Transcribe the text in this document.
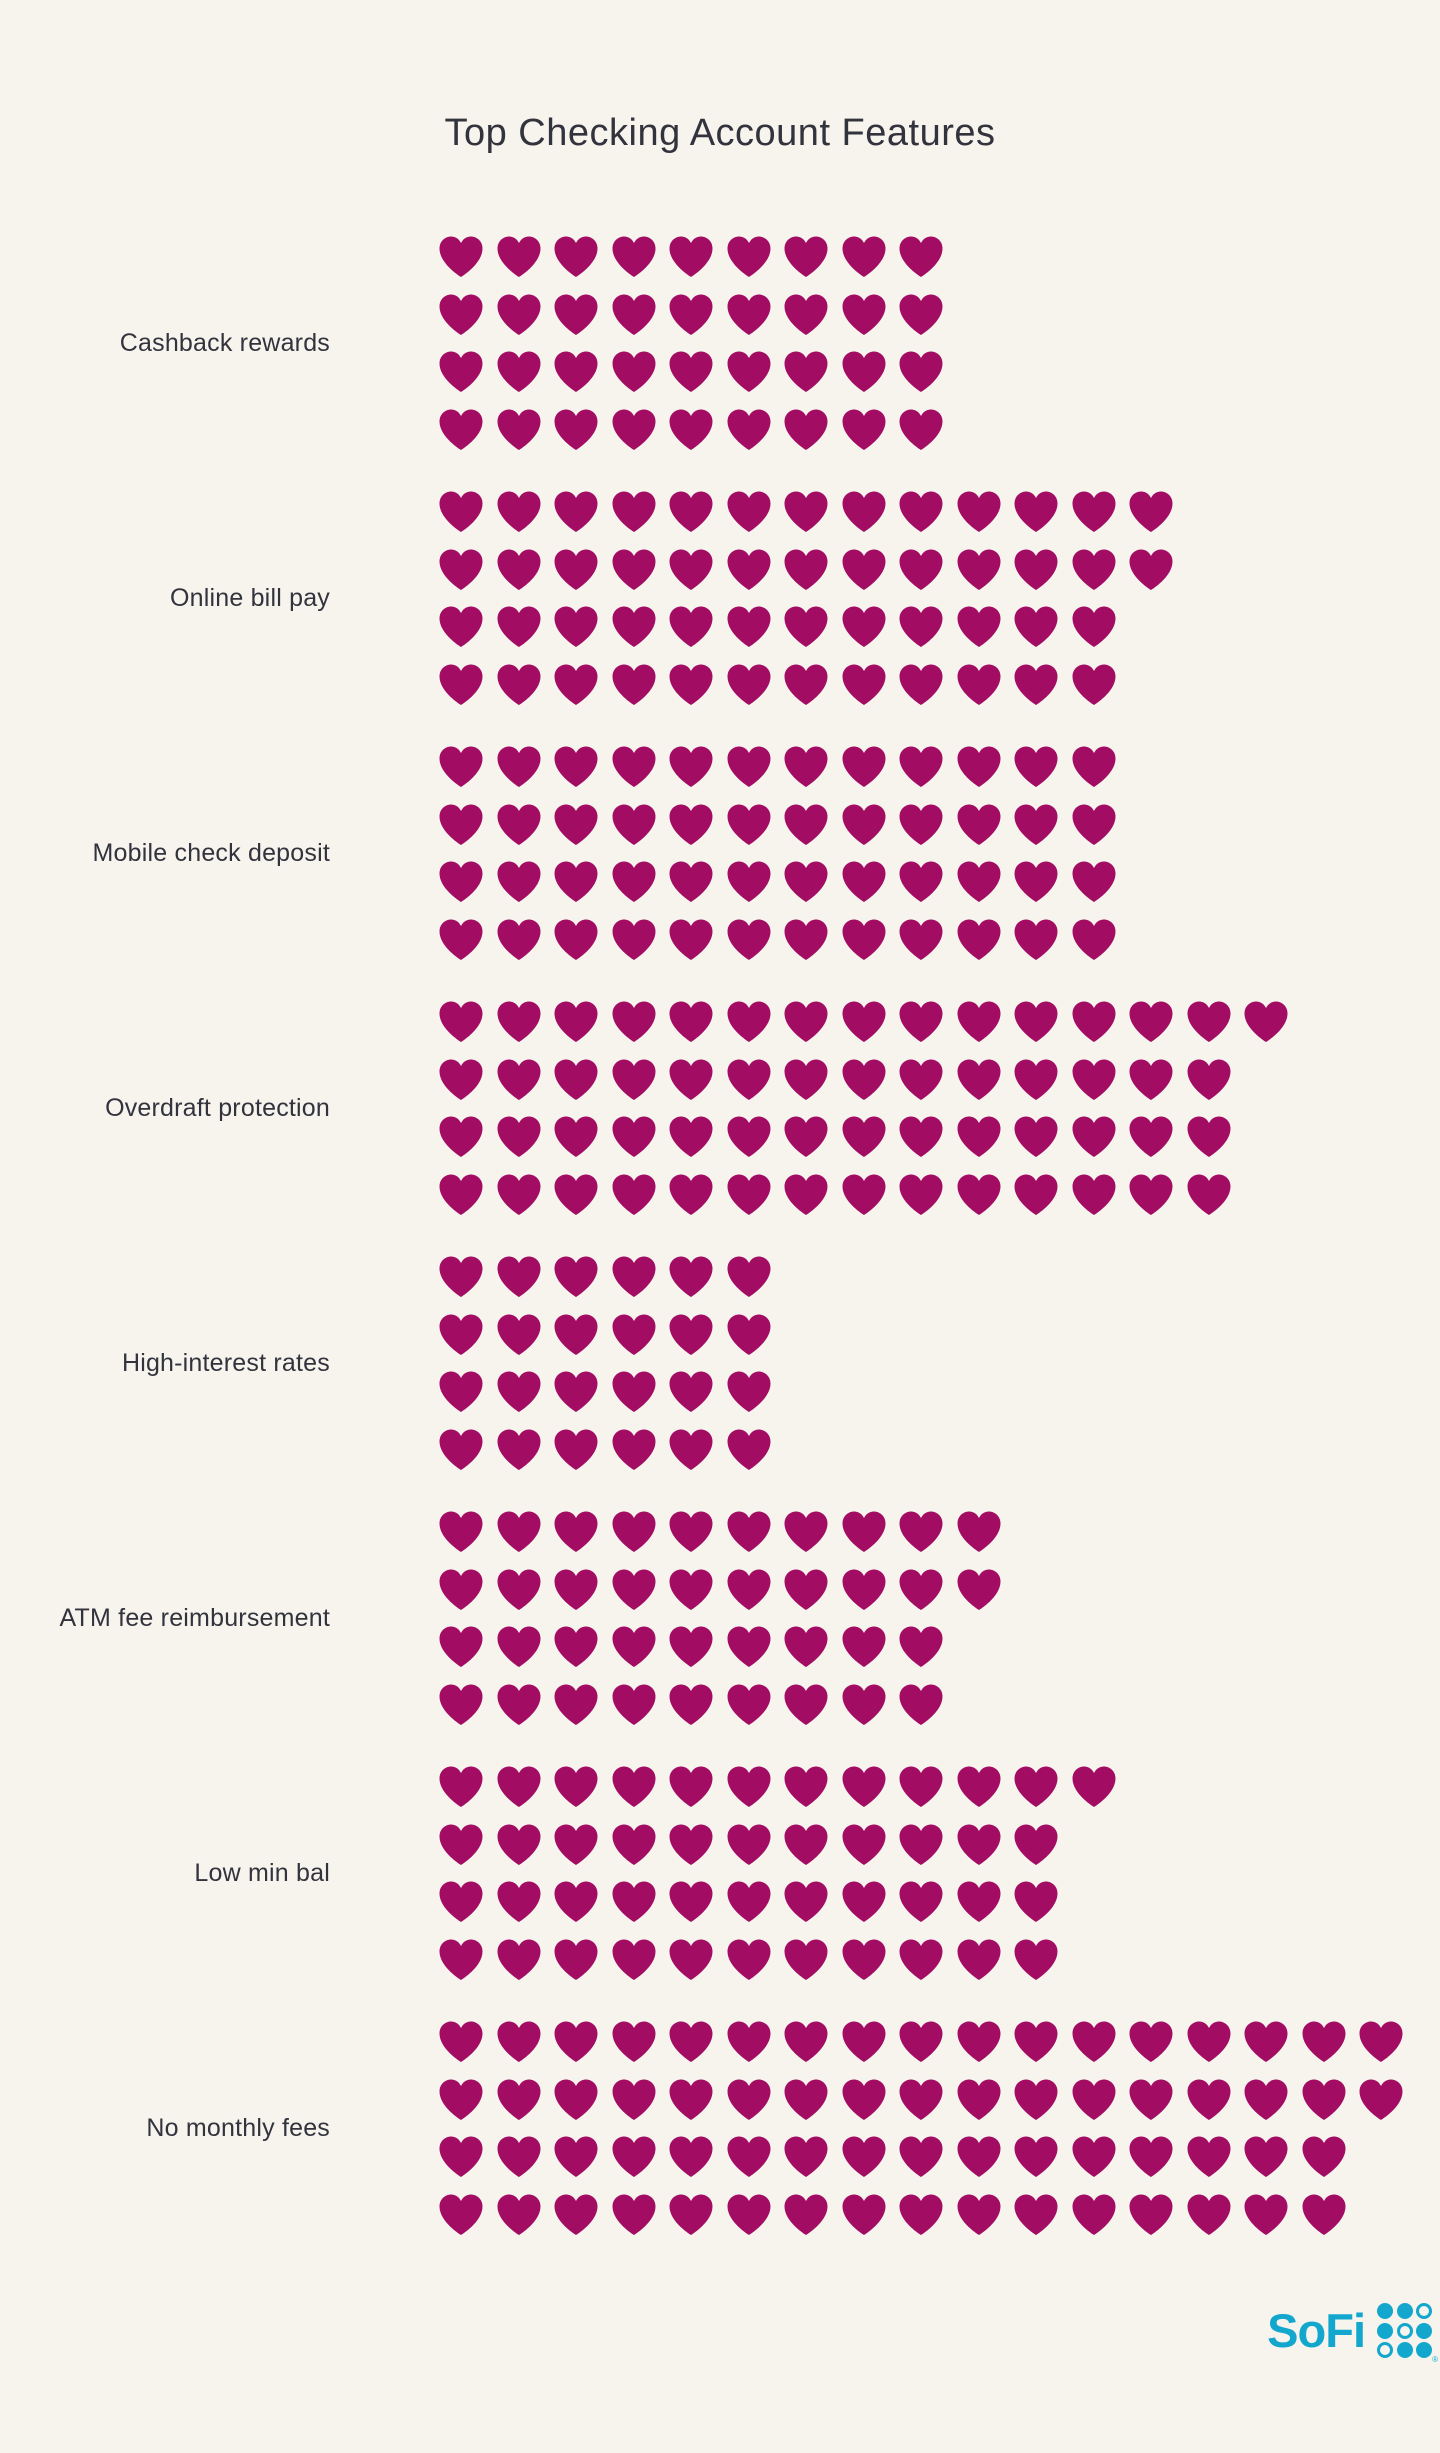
Top Checking Account Features
Cashback rewards
Online bill pay
Mobile check deposit
Overdraft protection
High-interest rates
ATM fee reimbursement
Low min bal
No monthly fees
SoFi
®
